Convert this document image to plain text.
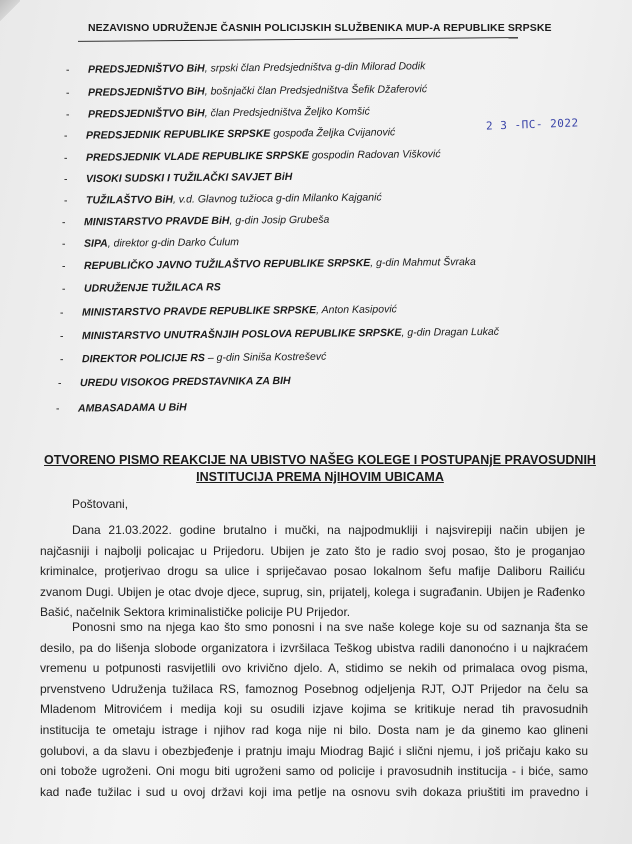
NEZAVISNO UDRUŽENJE ČASNIH POLICIJSKIH SLUŽBENIKA MUP-A REPUBLIKE SRPSKE
- PREDSJEDNIŠTVO BiH, srpski član Predsjedništva g-din Milorad Dodik
- PREDSJEDNIŠTVO BiH, bošnjački član Predsjedništva Šefik Džaferović
- PREDSJEDNIŠTVO BiH, član Predsjedništva Željko Komšić
- PREDSJEDNIK REPUBLIKE SRPSKE gospođa Željka Cvijanović
- PREDSJEDNIK VLADE REPUBLIKE SRPSKE gospodin Radovan Višković
- VISOKI SUDSKI I TUŽILAČKI SAVJET BiH
- TUŽILAŠTVO BiH, v.d. Glavnog tužioca g-din Milanko Kajganić
- MINISTARSTVO PRAVDE BiH, g-din Josip Grubeša
- SIPA, direktor g-din Darko Ćulum
- REPUBLIČKO JAVNO TUŽILAŠTVO REPUBLIKE SRPSKE, g-din Mahmut Švraka
- UDRUŽENJE TUŽILACA RS
- MINISTARSTVO PRAVDE REPUBLIKE SRPSKE, Anton Kasipović
- MINISTARSTVO UNUTRAŠNJIH POSLOVA REPUBLIKE SRPSKE, g-din Dragan Lukač
- DIREKTOR POLICIJE RS – g-din Siniša Kostreševć
- UREDU VISOKOG PREDSTAVNIKA ZA BIH
- AMBASADAMA U BiH
2 3 -ПС- 2022
OTVORENO PISMO REAKCIJE NA UBISTVO NAŠEG KOLEGE I POSTUPANjE PRAVOSUDNIH
INSTITUCIJA PREMA NjIHOVIM UBICAMA
Poštovani,
Dana 21.03.2022. godine brutalno i mučki, na najpodmukliji i najsvirepiji način ubijen je
najčasniji i najbolji policajac u Prijedoru. Ubijen je zato što je radio svoj posao, što je proganjao
kriminalce, protjerivao drogu sa ulice i spriječavao posao lokalnom šefu mafije Daliboru Railiću
zvanom Dugi. Ubijen je otac dvoje djece, suprug, sin, prijatelj, kolega i sugrađanin. Ubijen je Rađenko
Bašić, načelnik Sektora kriminalističke policije PU Prijedor.
Ponosni smo na njega kao što smo ponosni i na sve naše kolege koje su od saznanja šta se
desilo, pa do lišenja slobode organizatora i izvršilaca Teškog ubistva radili danonoćno i u najkraćem
vremenu u potpunosti rasvijetlili ovo krivično djelo. A, stidimo se nekih od primalaca ovog pisma,
prvenstveno Udruženja tužilaca RS, famoznog Posebnog odjeljenja RJT, OJT Prijedor na čelu sa
Mladenom Mitrovićem i medija koji su osudili izjave kojima se kritikuje nerad tih pravosudnih
institucija te ometaju istrage i njihov rad koga nije ni bilo. Dosta nam je da ginemo kao glineni
golubovi, a da slavu i obezbjeđenje i pratnju imaju Miodrag Bajić i slični njemu, i još pričaju kako su
oni tobože ugroženi. Oni mogu biti ugroženi samo od policije i pravosudnih institucija - i biće, samo
kad nađe tužilac i sud u ovoj državi koji ima petlje na osnovu svih dokaza priuštiti im pravedno i
